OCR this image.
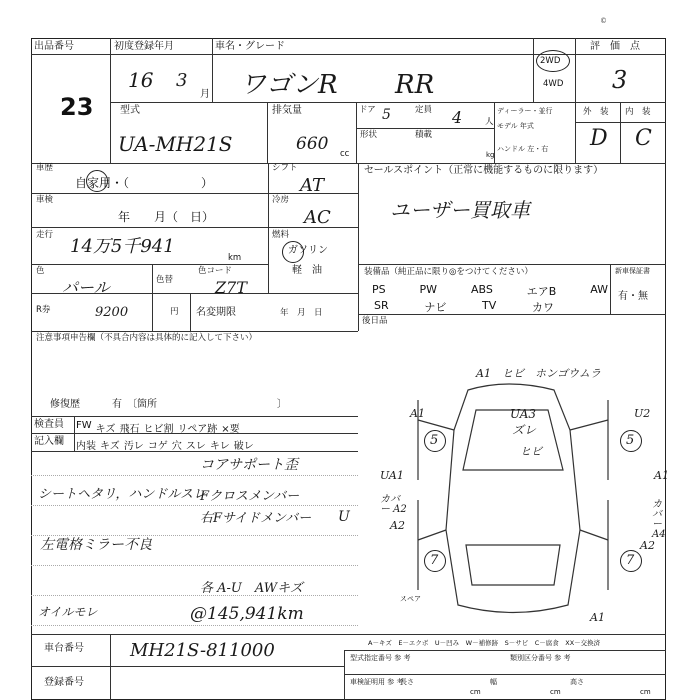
©
出品番号
23
初度登録年月
16 3
月
車名・グレード
ワゴンR RR
2WD
4WD
評　価　点
3
型式
UA-MH21S
排気量
660 cc
ドア 5	定員 4	人
形状	積載
kg
ディーラー・並行
モデル 年式
ハンドル 左・右
外　装 内　装
D C
車歴
自家用・（　　　　　　）
シフト
AT
セールスポイント（正常に機能するものに限ります）
ユーザー買取車
車検
年　　月（　日）
冷房
AC
走行
14万5千941
km
燃料
ガソリン
軽　油
色
パール	色替
色コード
Z7T
装備品（純正品に限り◎をつけてください）	新車保証書
有・無
PS	PW	ABS	エアB	AW
SR	ナビ	TV	カワ
R券	9200	円 名変期限	年　月　日
後日品
注意事項申告欄（不具合内容は具体的に記入して下さい）
修復歴	有　〔箇所　　　　　　　　　　　　〕
検査員 FW キズ 飛石 ヒビ割 リペア跡 ×要
記入欄 内装 キズ 汚レ コゲ 穴 スレ キレ 破レ
コアサポート歪
シートヘタリ，ハンドルスレ
Fクロスメンバー
右Fサイドメンバー U
左電格ミラー不良
各 A-U　AWキズ
オイルモレ	@145,941km
5	5
7	7
A1　ヒビ　ホンゴウムラ
UA3
ズレ
ヒビ
A1
UA1
カバー A2
A2
U2
A1
カバー A4
A2
A1
スペア
車台番号	MH21S-811000
登録番号
A－キズ　E－エクボ　U－凹み　W－補修跡　S－サビ　C－腐食　XX－交換済
型式指定番号 参 考	類別区分番号 参 考
車検証明用 参 考
長さ
cm
幅
cm
高さ
cm
